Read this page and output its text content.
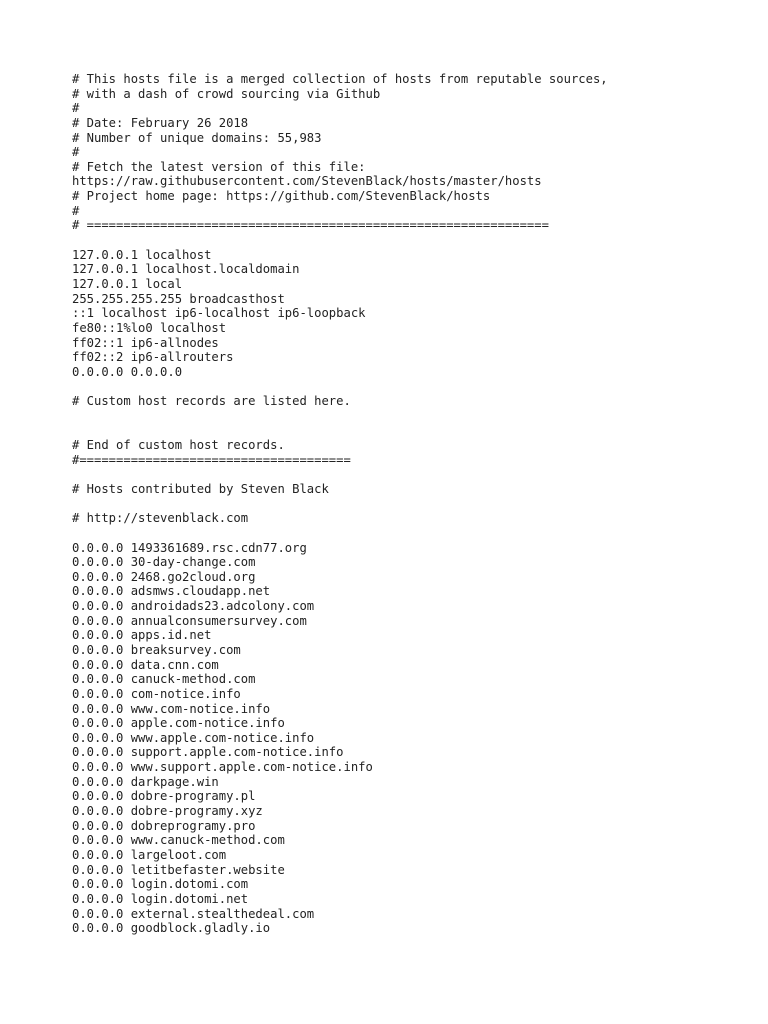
# This hosts file is a merged collection of hosts from reputable sources,
# with a dash of crowd sourcing via Github
#
# Date: February 26 2018
# Number of unique domains: 55,983
#
# Fetch the latest version of this file:
https://raw.githubusercontent.com/StevenBlack/hosts/master/hosts
# Project home page: https://github.com/StevenBlack/hosts
#
# ===============================================================
127.0.0.1 localhost
127.0.0.1 localhost.localdomain
127.0.0.1 local
255.255.255.255 broadcasthost
::1 localhost ip6-localhost ip6-loopback
fe80::1%lo0 localhost
ff02::1 ip6-allnodes
ff02::2 ip6-allrouters
0.0.0.0 0.0.0.0
# Custom host records are listed here.
# End of custom host records.
#=====================================
# Hosts contributed by Steven Black
# http://stevenblack.com
0.0.0.0 1493361689.rsc.cdn77.org
0.0.0.0 30-day-change.com
0.0.0.0 2468.go2cloud.org
0.0.0.0 adsmws.cloudapp.net
0.0.0.0 androidads23.adcolony.com
0.0.0.0 annualconsumersurvey.com
0.0.0.0 apps.id.net
0.0.0.0 breaksurvey.com
0.0.0.0 data.cnn.com
0.0.0.0 canuck-method.com
0.0.0.0 com-notice.info
0.0.0.0 www.com-notice.info
0.0.0.0 apple.com-notice.info
0.0.0.0 www.apple.com-notice.info
0.0.0.0 support.apple.com-notice.info
0.0.0.0 www.support.apple.com-notice.info
0.0.0.0 darkpage.win
0.0.0.0 dobre-programy.pl
0.0.0.0 dobre-programy.xyz
0.0.0.0 dobreprogramy.pro
0.0.0.0 www.canuck-method.com
0.0.0.0 largeloot.com
0.0.0.0 letitbefaster.website
0.0.0.0 login.dotomi.com
0.0.0.0 login.dotomi.net
0.0.0.0 external.stealthedeal.com
0.0.0.0 goodblock.gladly.io
